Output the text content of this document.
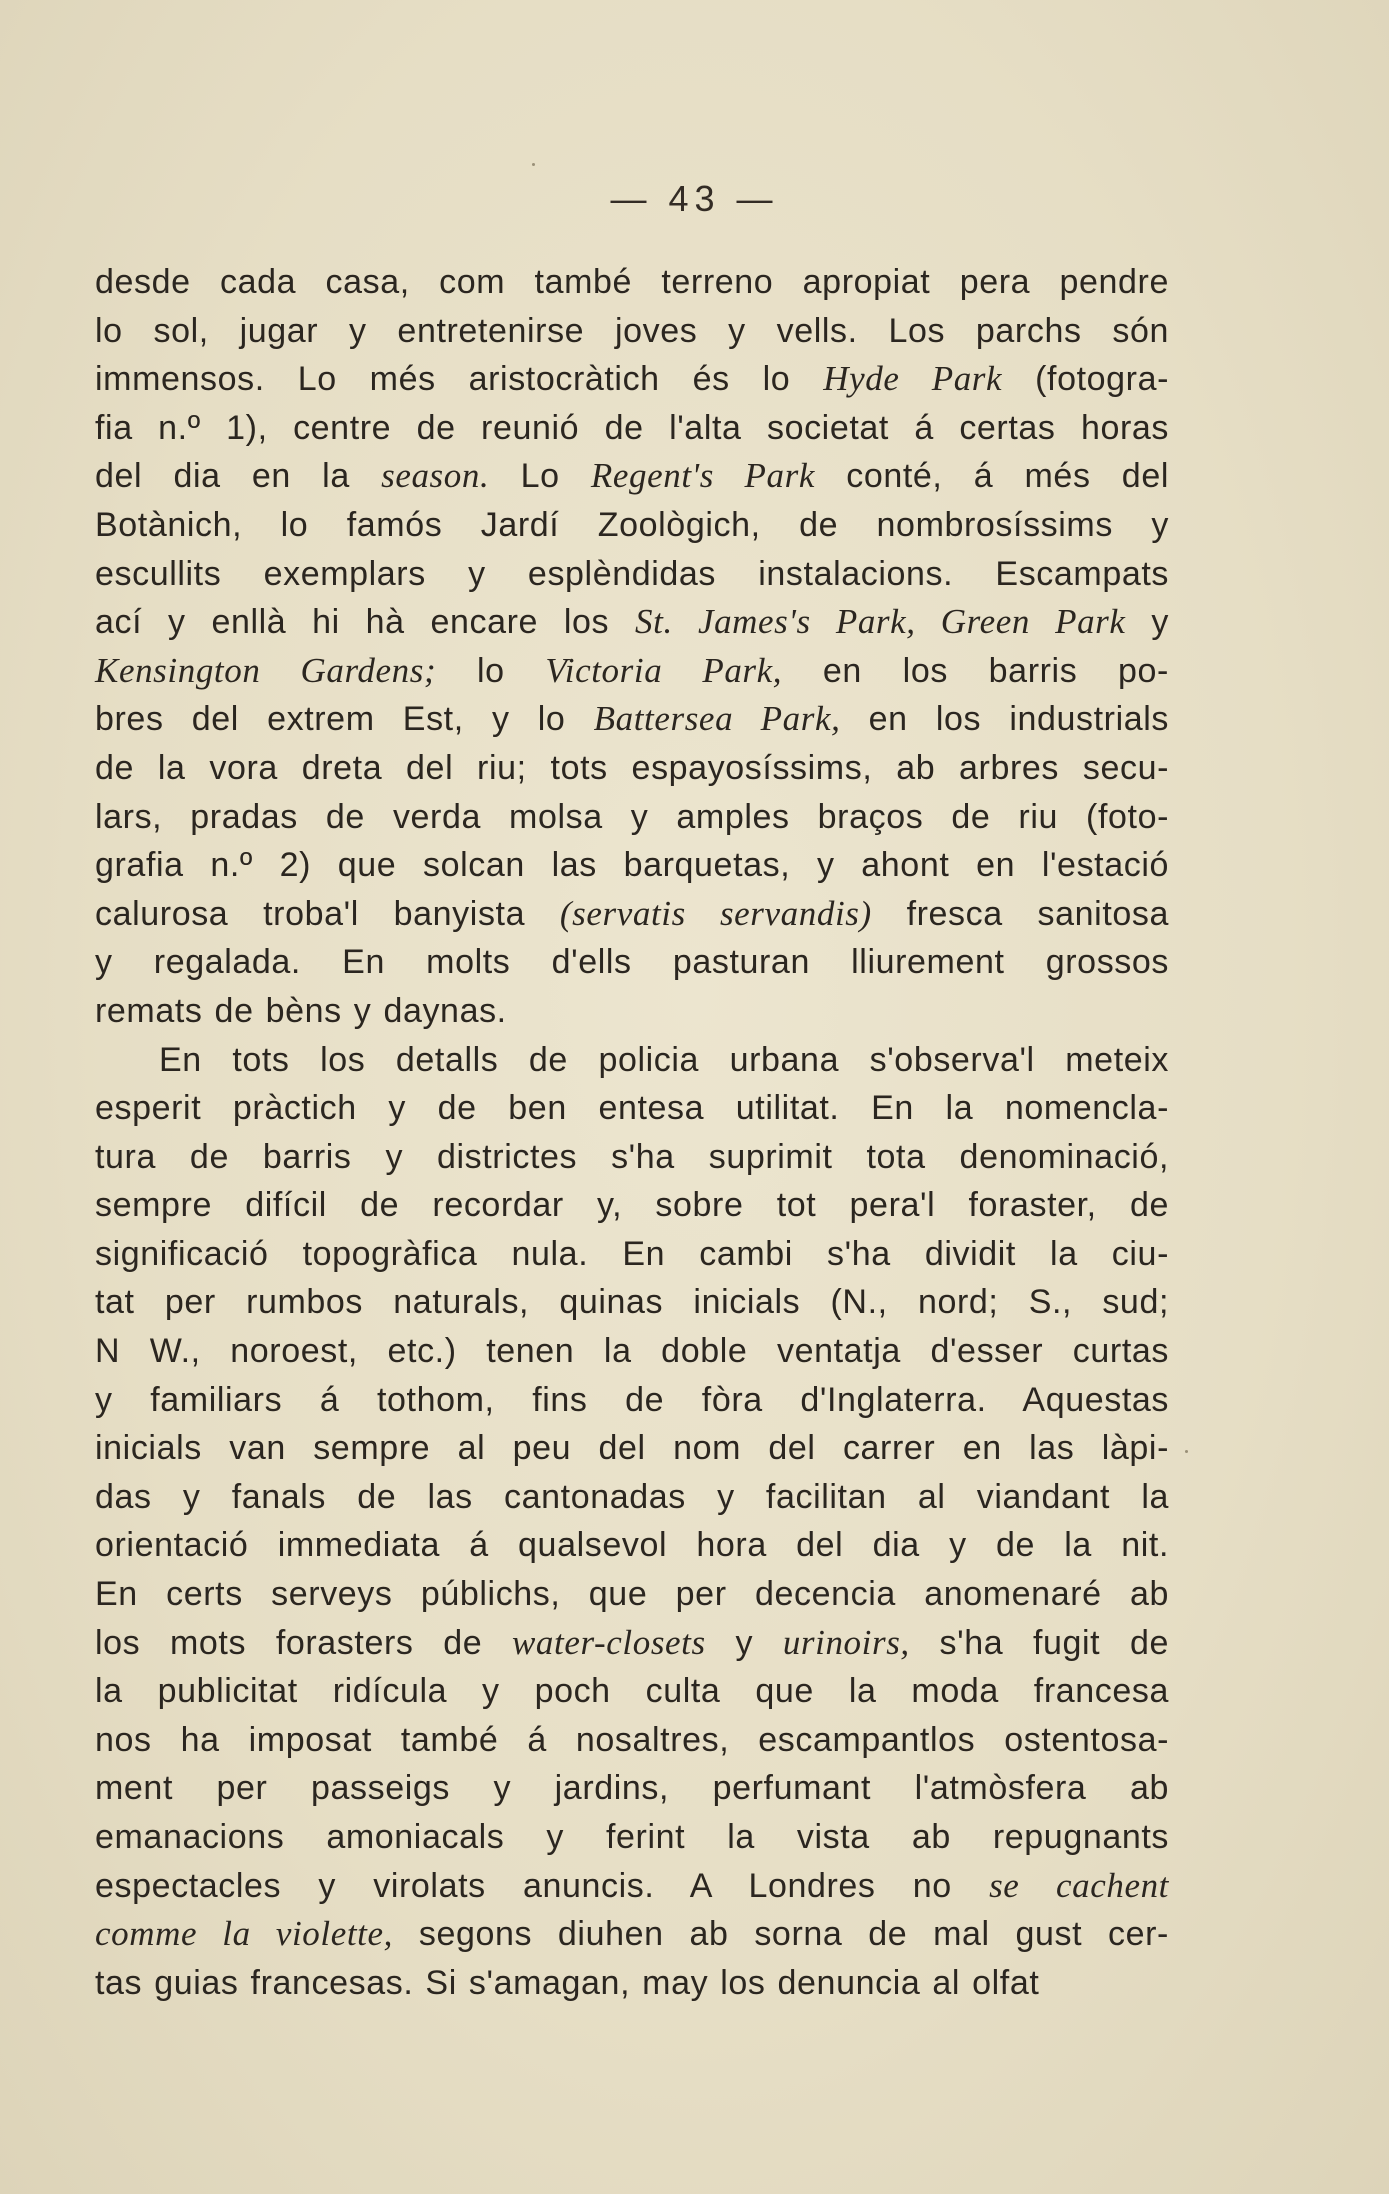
— 43 —
desde cada casa, com també terreno apropiat pera pendre
lo sol, jugar y entretenirse joves y vells. Los parchs són
immensos. Lo més aristocràtich és lo Hyde Park (fotogra-
fia n.º 1), centre de reunió de l'alta societat á certas horas
del dia en la season. Lo Regent's Park conté, á més del
Botànich, lo famós Jardí Zoològich, de nombrosíssims y
escullits exemplars y esplèndidas instalacions. Escampats
ací y enllà hi hà encare los St. James's Park, Green Park y
Kensington Gardens; lo Victoria Park, en los barris po-
bres del extrem Est, y lo Battersea Park, en los industrials
de la vora dreta del riu; tots espayosíssims, ab arbres secu-
lars, pradas de verda molsa y amples braços de riu (foto-
grafia n.º 2) que solcan las barquetas, y ahont en l'estació
calurosa troba'l banyista (servatis servandis) fresca sanitosa
y regalada. En molts d'ells pasturan lliurement grossos
remats de bèns y daynas.
En tots los detalls de policia urbana s'observa'l meteix
esperit pràctich y de ben entesa utilitat. En la nomencla-
tura de barris y districtes s'ha suprimit tota denominació,
sempre difícil de recordar y, sobre tot pera'l foraster, de
significació topogràfica nula. En cambi s'ha dividit la ciu-
tat per rumbos naturals, quinas inicials (N., nord; S., sud;
N W., noroest, etc.) tenen la doble ventatja d'esser curtas
y familiars á tothom, fins de fòra d'Inglaterra. Aquestas
inicials van sempre al peu del nom del carrer en las làpi-
das y fanals de las cantonadas y facilitan al viandant la
orientació immediata á qualsevol hora del dia y de la nit.
En certs serveys públichs, que per decencia anomenaré ab
los mots forasters de water-closets y urinoirs, s'ha fugit de
la publicitat ridícula y poch culta que la moda francesa
nos ha imposat també á nosaltres, escampantlos ostentosa-
ment per passeigs y jardins, perfumant l'atmòsfera ab
emanacions amoniacals y ferint la vista ab repugnants
espectacles y virolats anuncis. A Londres no se cachent
comme la violette, segons diuhen ab sorna de mal gust cer-
tas guias francesas. Si s'amagan, may los denuncia al olfat
